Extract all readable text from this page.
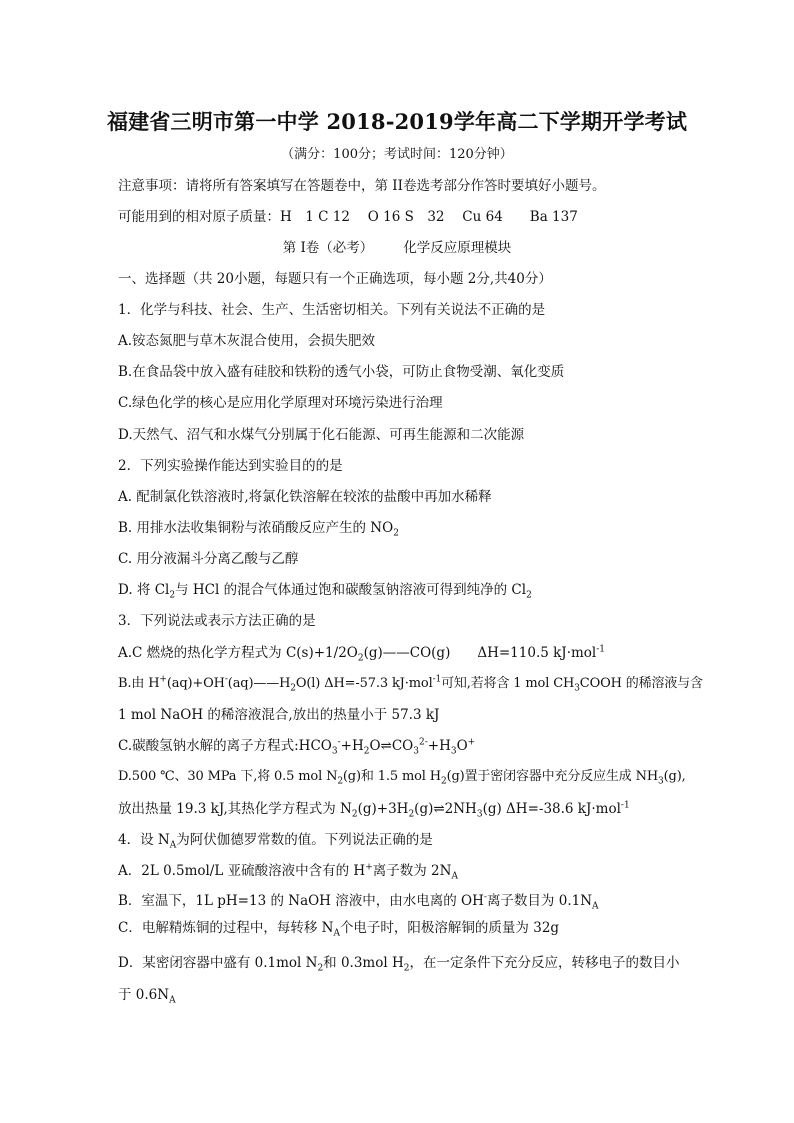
福建省三明市第一中学 2018-2019学年高二下学期开学考试
（满分：100分；考试时间：120分钟）
注意事项：请将所有答案填写在答题卷中，第 II卷选考部分作答时要填好小题号。
可能用到的相对原子质量：H　1 C 12　 O 16 S　32　 Cu 64　　Ba 137
第 I卷（必考） 化学反应原理模块
一、选择题（共 20小题，每题只有一个正确选项，每小题 2分,共40分）
1．化学与科技、社会、生产、生活密切相关。下列有关说法不正确的是
A.铵态氮肥与草木灰混合使用，会损失肥效
B.在食品袋中放入盛有硅胶和铁粉的透气小袋，可防止食物受潮、氧化变质
C.绿色化学的核心是应用化学原理对环境污染进行治理
D.天然气、沼气和水煤气分别属于化石能源、可再生能源和二次能源
2．下列实验操作能达到实验目的的是
A. 配制氯化铁溶液时,将氯化铁溶解在较浓的盐酸中再加水稀释
B. 用排水法收集铜粉与浓硝酸反应产生的 $NO_2$
C. 用分液漏斗分离乙酸与乙醇
D. 将 $Cl_2$与 HCl 的混合气体通过饱和碳酸氢钠溶液可得到纯净的 $Cl_2$
3．下列说法或表示方法正确的是
A.C 燃烧的热化学方程式为 $C(s)+1/2O_2(g)——CO(g)$　　ΔH=110.5 kJ·mol$^{-1}$
B.由 $H^+(aq)+OH^-(aq)——H_2O(l)$ ΔH=-57.3 kJ·mol$^{-1}$可知,若将含 1 mol $CH_3COOH$ 的稀溶液与含
1 mol NaOH 的稀溶液混合,放出的热量小于 57.3 kJ
C.碳酸氢钠水解的离子方程式$:HCO_3^-+H_2O\rightleftharpoons CO_3^{2-}+H_3O^+$
D.500 ℃、30 MPa 下,将 0.5 mol $N_2(g)$和 1.5 mol $H_2(g)$置于密闭容器中充分反应生成 $NH_3(g)$,
放出热量 19.3 kJ,其热化学方程式为 $N_2(g)+3H_2(g)\rightleftharpoons 2NH_3(g)$ ΔH=-38.6 kJ·mol$^{-1}$
4．设 $N_A$为阿伏伽德罗常数的值。下列说法正确的是
A．2L 0.5mol/L 亚硫酸溶液中含有的 H+离子数为 $2N_A$
B．室温下，1L pH=13 的 NaOH 溶液中，由水电离的 OH-离子数目为 $0.1N_A$
C．电解精炼铜的过程中，每转移 $N_A$个电子时，阳极溶解铜的质量为 32g
D．某密闭容器中盛有 0.1mol $N_2$和 0.3mol $H_2$，在一定条件下充分反应，转移电子的数目小
于 $0.6N_A$
